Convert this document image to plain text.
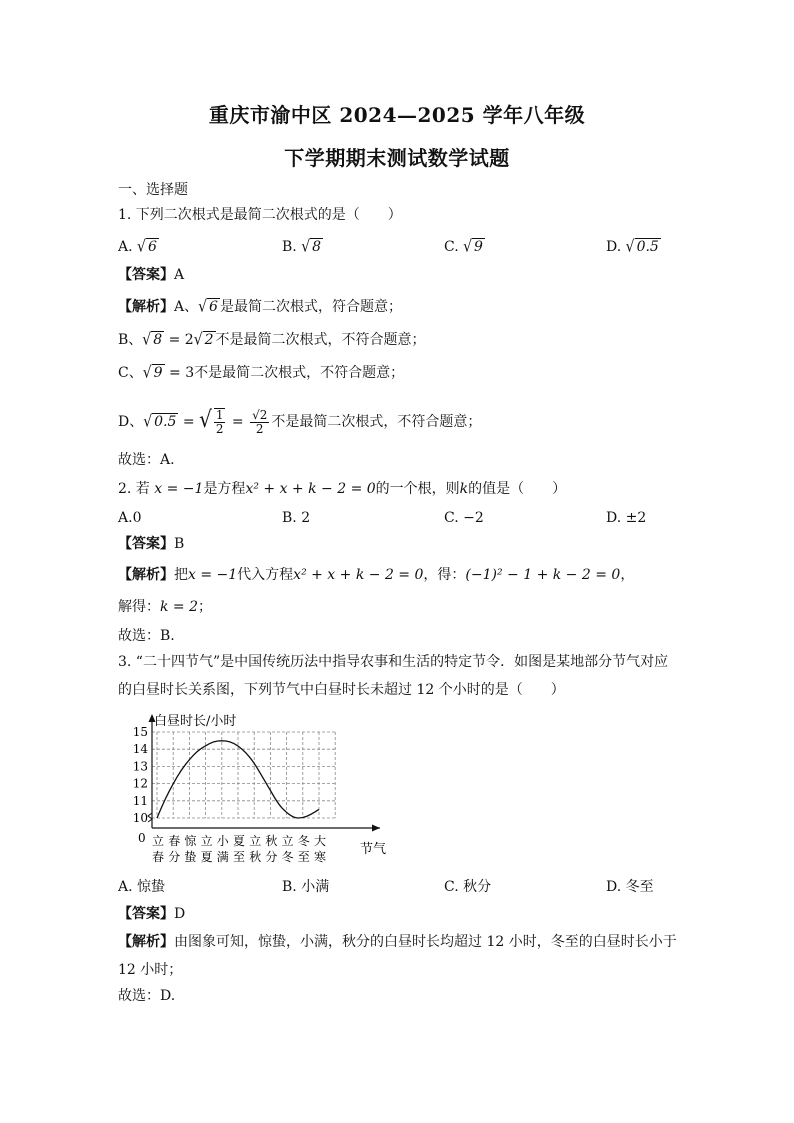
重庆市渝中区 2024—2025 学年八年级
下学期期末测试数学试题
一、选择题
1. 下列二次根式是最简二次根式的是（　　）
A. √ 6	B. √ 8	C. √ 9	D. √ 0.5
【答案】A
【解析】A、√ 6 是最简二次根式，符合题意；
B、√ 8 = 2√ 2 不是最简二次根式，不符合题意；
C、√ 9 = 3不是最简二次根式，不符合题意；
D、√ 0.5 = √ $\frac{1}{2} = \frac{√2}{2}$ 不是最简二次根式，不符合题意；
故选：A.
2. 若 x = −1是方程x² + x + k − 2 = 0的一个根，则k的值是（　　）
A.0	B. 2	C. −2	D. ±2
【答案】B
【解析】把x = −1代入方程x² + x + k − 2 = 0，得：(−1)² − 1 + k − 2 = 0，
解得：k = 2；
故选：B.
3. “二十四节气”是中国传统历法中指导农事和生活的特定节令．如图是某地部分节气对应
的白昼时长关系图，下列节气中白昼时长未超过 12 个小时的是（　　）
白昼时长/小时
节气
0
10
11
12
13
14
15
立
春
春
分
惊
蛰
立
夏
小
满
夏
至
立
秋
秋
分
立
冬
冬
至
大
寒
A. 惊蛰	B. 小满	C. 秋分	D. 冬至
【答案】D
【解析】由图象可知，惊蛰，小满，秋分的白昼时长均超过 12 小时，冬至的白昼时长小于
12 小时；
故选：D.
